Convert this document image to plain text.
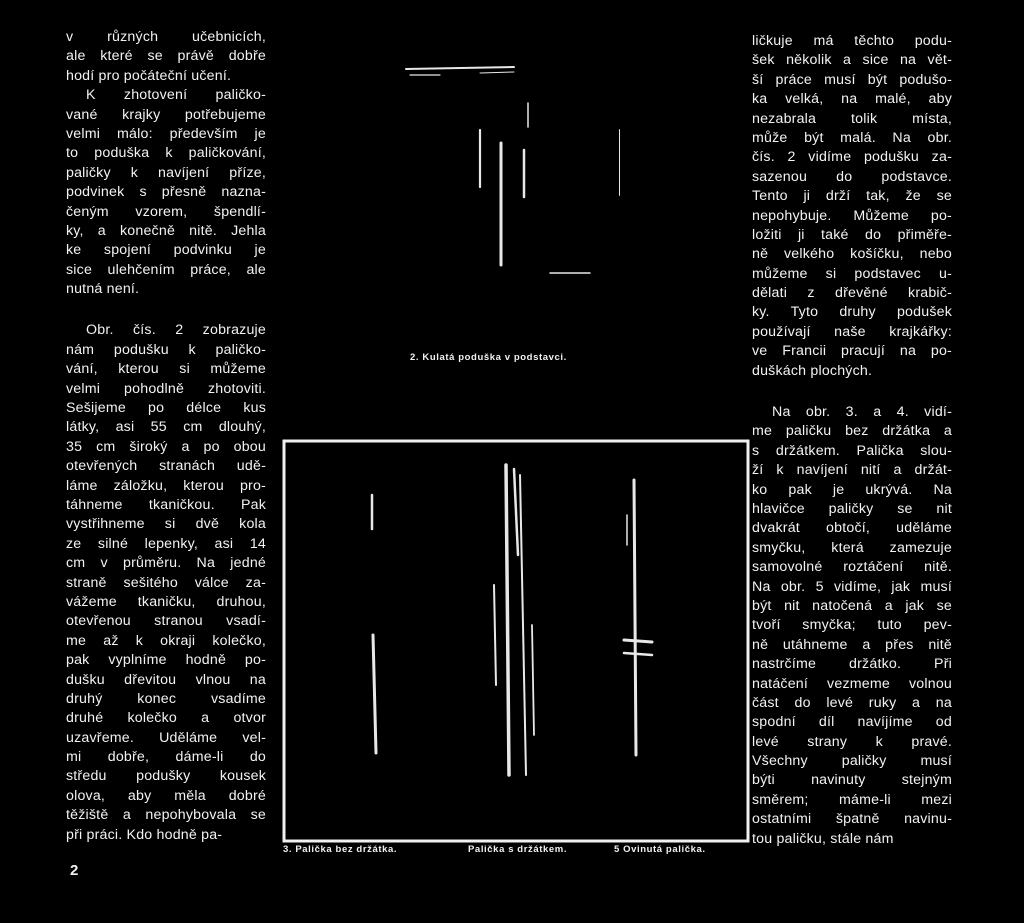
v různých učebnicích,
ale které se právě dobře
hodí pro počáteční učení.
K zhotovení paličko-
vané krajky potřebujeme
velmi málo: především je
to poduška k paličkování,
paličky k navíjení příze,
podvinek s přesně nazna-
čeným vzorem, špendlí-
ky, a konečně nitě. Jehla
ke spojení podvinku je
sice ulehčením práce, ale
nutná není.
Obr. čís. 2 zobrazuje
nám podušku k paličko-
vání, kterou si můžeme
velmi pohodlně zhotoviti.
Sešijeme po délce kus
látky, asi 55 cm dlouhý,
35 cm široký a po obou
otevřených stranách udě-
láme záložku, kterou pro-
táhneme tkaničkou. Pak
vystřihneme si dvě kola
ze silné lepenky, asi 14
cm v průměru. Na jedné
straně sešitého válce za-
vážeme tkaničku, druhou,
otevřenou stranou vsadí-
me až k okraji kolečko,
pak vyplníme hodně po-
dušku dřevitou vlnou na
druhý konec vsadíme
druhé kolečko a otvor
uzavřeme. Uděláme vel-
mi dobře, dáme-li do
středu podušky kousek
olova, aby měla dobré
těžiště a nepohybovala se
při práci. Kdo hodně pa-
ličkuje má těchto podu-
šek několik a sice na vět-
ší práce musí být podušo-
ka velká, na malé, aby
nezabrala tolik místa,
může být malá. Na obr.
čís. 2 vidíme podušku za-
sazenou do podstavce.
Tento ji drží tak, že se
nepohybuje. Můžeme po-
ložiti ji také do přiměře-
ně velkého košíčku, nebo
můžeme si podstavec u-
dělati z dřevěné krabič-
ky. Tyto druhy podušek
používají naše krajkářky:
ve Francii pracují na po-
duškách plochých.
Na obr. 3. a 4. vidí-
me paličku bez držátka a
s držátkem. Palička slou-
ží k navíjení nití a držát-
ko pak je ukrývá. Na
hlavičce paličky se nit
dvakrát obtočí, uděláme
smyčku, která zamezuje
samovolné roztáčení nitě.
Na obr. 5 vidíme, jak musí
být nit natočená a jak se
tvoří smyčka; tuto pev-
ně utáhneme a přes nitě
nastrčíme držátko. Při
natáčení vezmeme volnou
část do levé ruky a na
spodní díl navíjíme od
levé strany k pravé.
Všechny paličky musí
býti navinuty stejným
směrem; máme-li mezi
ostatními špatně navinu-
tou paličku, stále nám
2. Kulatá poduška v podstavci.
3. Palička bez držátka.	Palička s držátkem.	5 Ovinutá palička.
2
